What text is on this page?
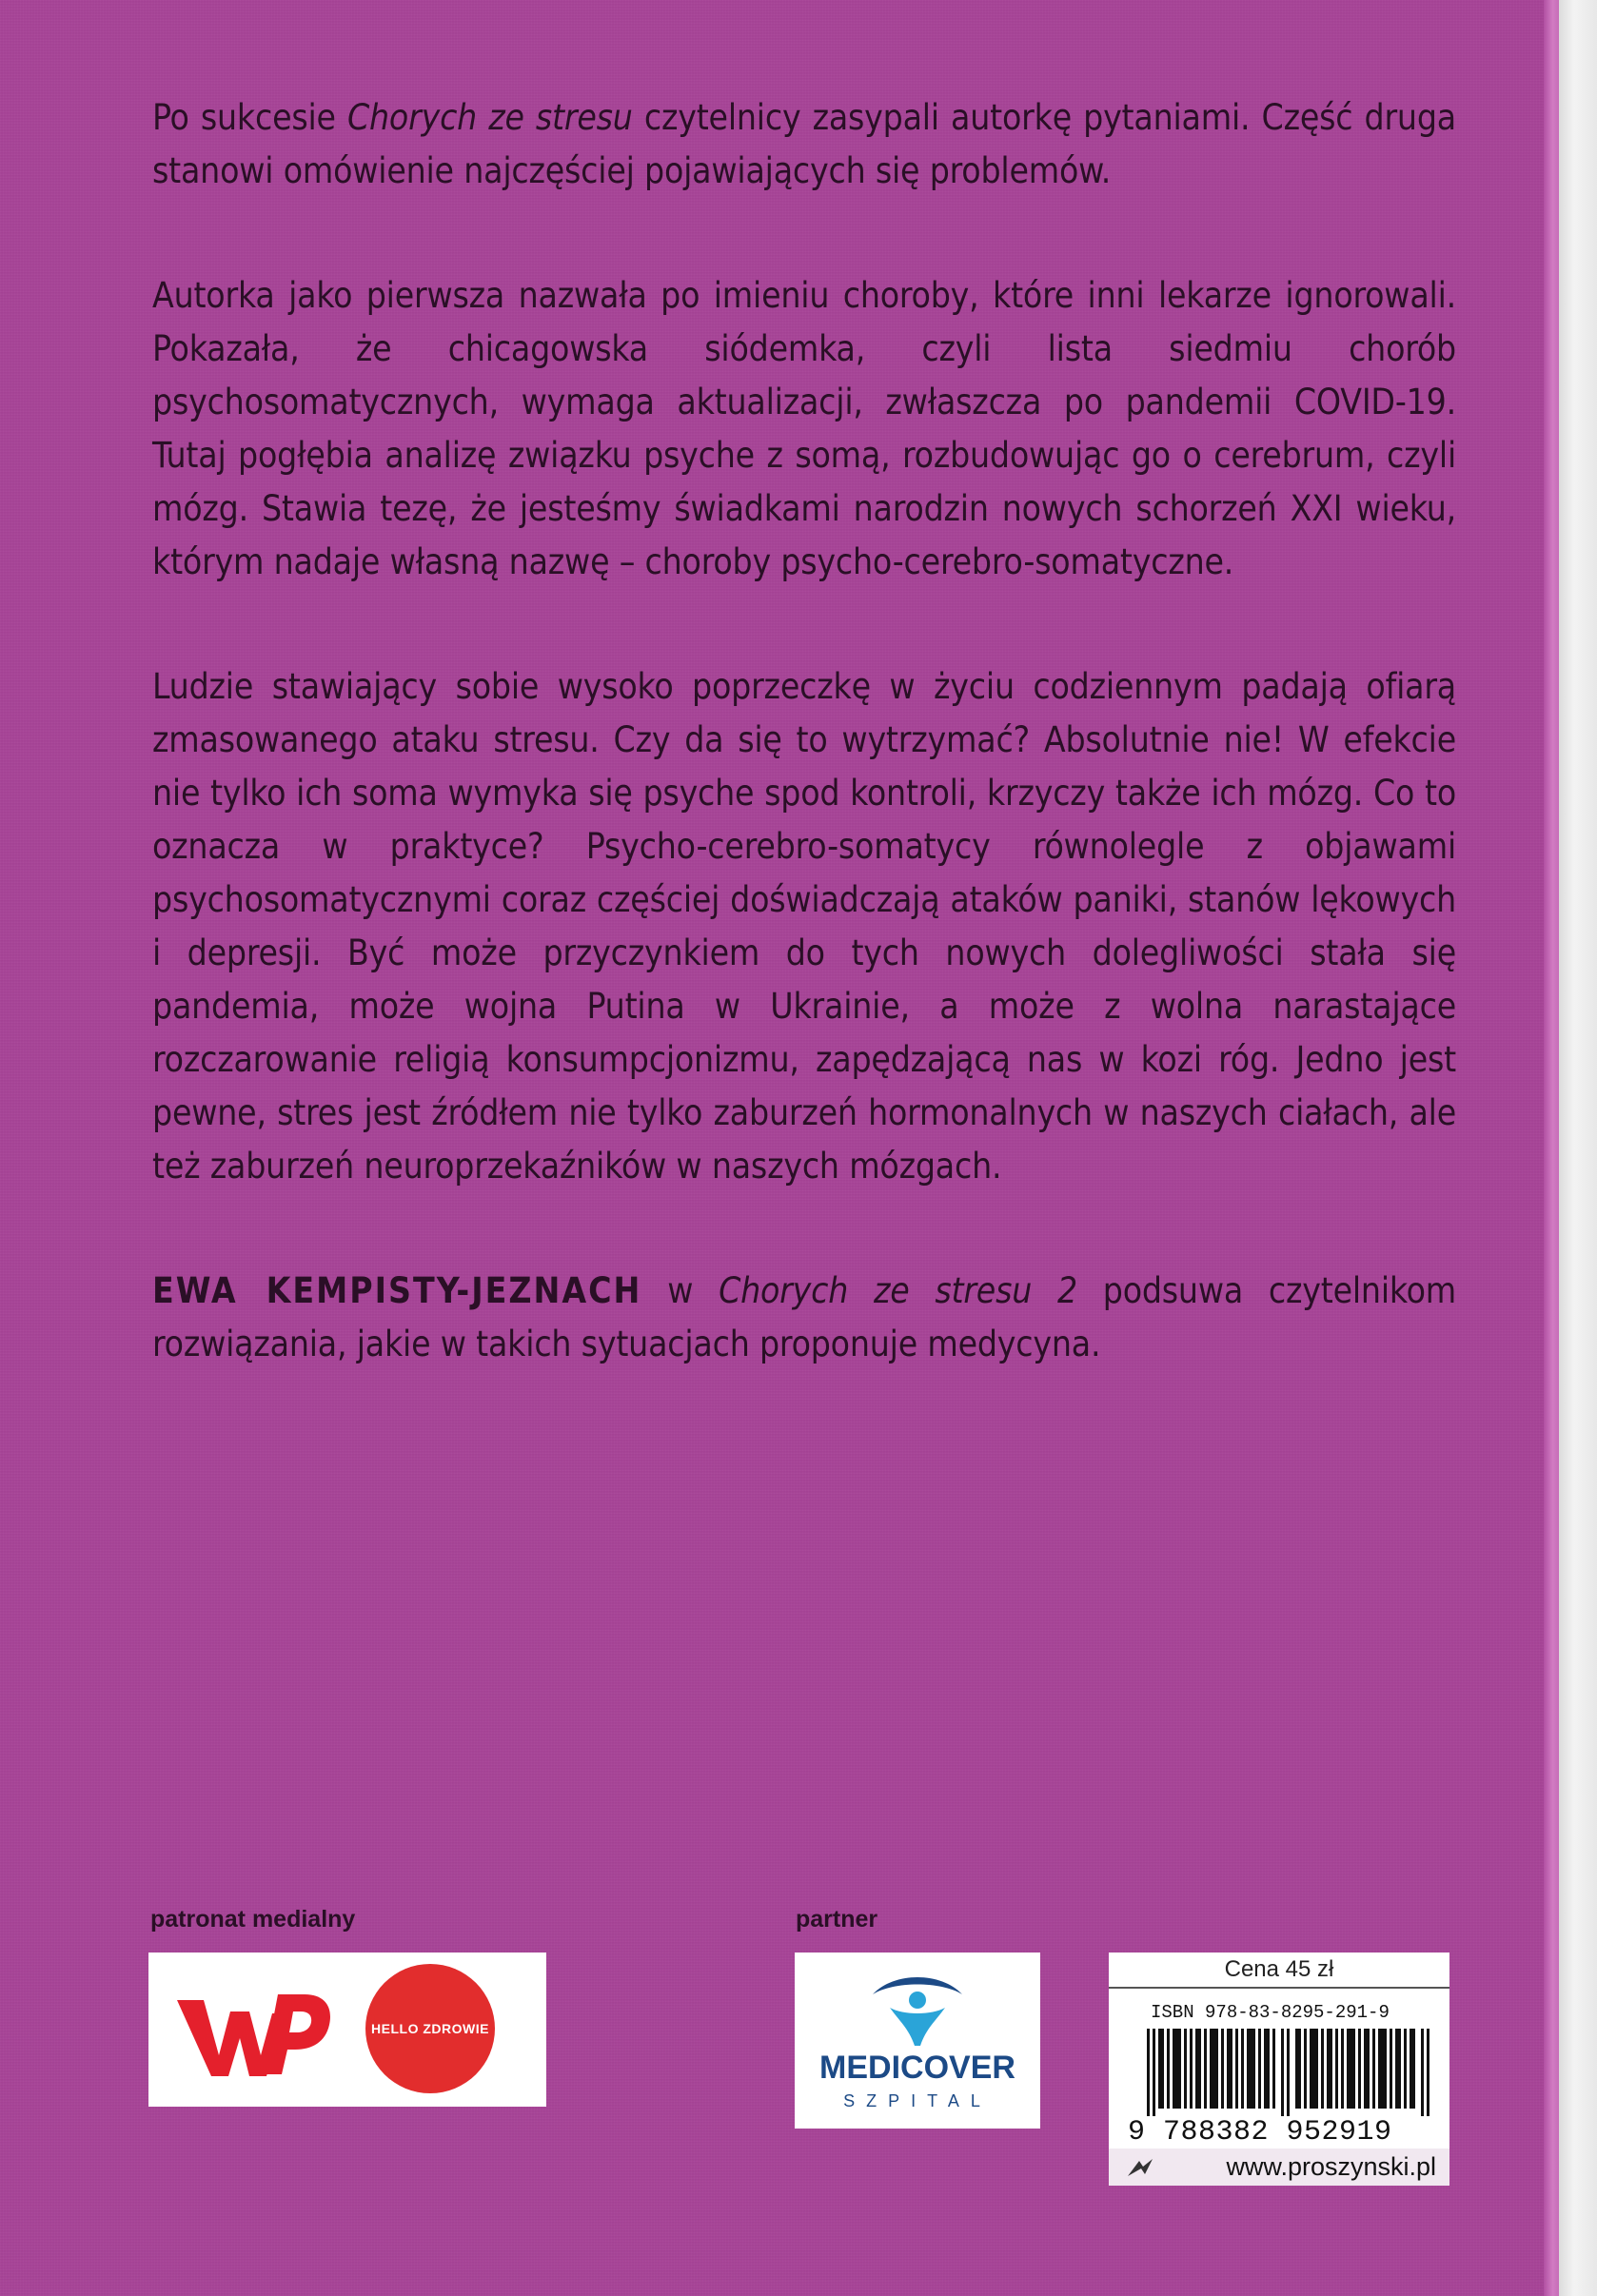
Po sukcesie Chorych ze stresu czytelnicy zasypali autorkę pytaniami. Część druga stanowi omówienie najczęściej pojawiających się problemów.

Autorka jako pierwsza nazwała po imieniu choroby, które inni lekarze ignorowali. Pokazała, że chicagowska siódemka, czyli lista siedmiu chorób psychosomatycznych, wymaga aktualizacji, zwłaszcza po pandemii COVID-19. Tutaj pogłębia analizę związku psyche z somą, rozbudowując go o cerebrum, czyli mózg. Stawia tezę, że jesteśmy świadkami narodzin nowych schorzeń XXI wieku, którym nadaje własną nazwę – choroby psycho-cerebro-somatyczne.

Ludzie stawiający sobie wysoko poprzeczkę w życiu codziennym padają ofiarą zmasowanego ataku stresu. Czy da się to wytrzymać? Absolutnie nie! W efekcie nie tylko ich soma wymyka się psyche spod kontroli, krzyczy także ich mózg. Co to oznacza w praktyce? Psycho-cerebro-somatycy równolegle z objawami psychosomatycznymi coraz częściej doświadczają ataków paniki, stanów lękowych i depresji. Być może przyczynkiem do tych nowych dolegliwości stała się pandemia, może wojna Putina w Ukrainie, a może z wolna narastające rozczarowanie religią konsumpcjonizmu, zapędzającą nas w kozi róg. Jedno jest pewne, stres jest źródłem nie tylko zaburzeń hormonalnych w naszych ciałach, ale też zaburzeń neuroprzekaźników w naszych mózgach.

EWA KEMPISTY-JEZNACH w Chorych ze stresu 2 podsuwa czytelnikom rozwiązania, jakie w takich sytuacjach proponuje medycyna.

patronat medialny	partner
HELLO ZDROWIE
MEDICOVER
SZPITAL
Cena 45 zł
ISBN 978-83-8295-291-9
9 788382 952919
www.proszynski.pl
